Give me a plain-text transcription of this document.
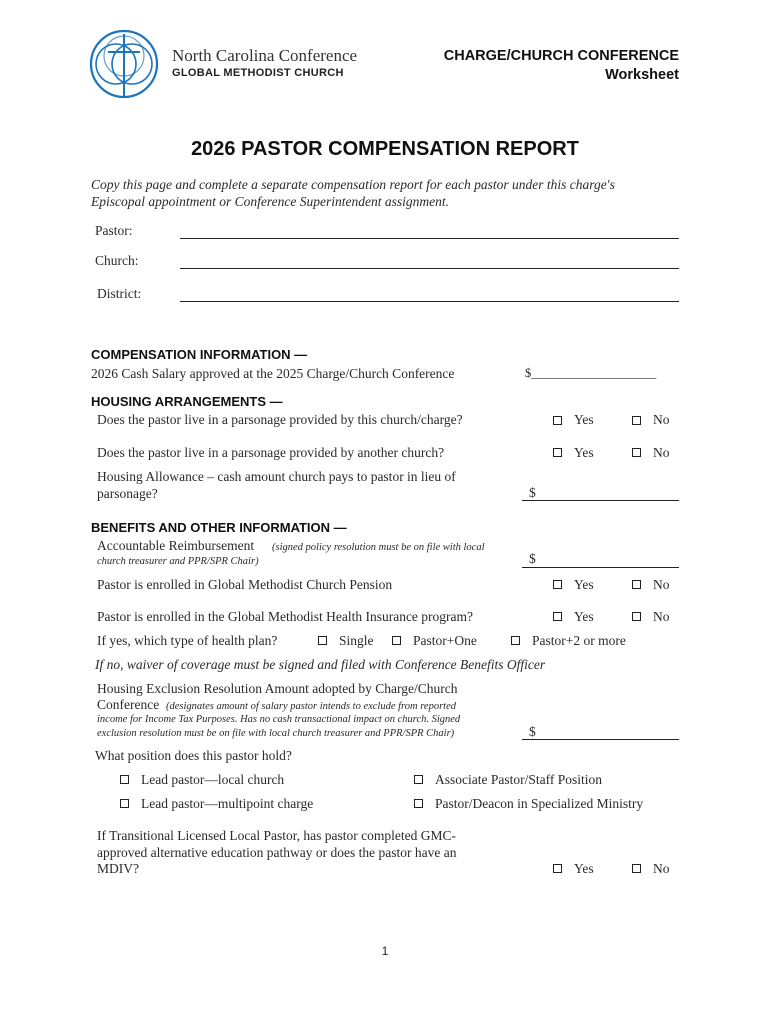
North Carolina Conference
GLOBAL METHODIST CHURCH
CHARGE/CHURCH CONFERENCE
Worksheet
2026 PASTOR COMPENSATION REPORT
Copy this page and complete a separate compensation report for each pastor under this charge's
Episcopal appointment or Conference Superintendent assignment.
Pastor:
Church:
District:
COMPENSATION INFORMATION —
2026 Cash Salary approved at the 2025 Charge/Church Conference	$____________________
HOUSING ARRANGEMENTS —
Does the pastor live in a parsonage provided by this church/charge?	Yes	No
Does the pastor live in a parsonage provided by another church?	Yes	No
Housing Allowance – cash amount church pays to pastor in lieu of
parsonage?	$
BENEFITS AND OTHER INFORMATION —
Accountable Reimbursement (signed policy resolution must be on file with local
church treasurer and PPR/SPR Chair)	$
Pastor is enrolled in Global Methodist Church Pension	Yes	No
Pastor is enrolled in the Global Methodist Health Insurance program?	Yes	No
If yes, which type of health plan?	Single	Pastor+One	Pastor+2 or more
If no, waiver of coverage must be signed and filed with Conference Benefits Officer
Housing Exclusion Resolution Amount adopted by Charge/Church
Conference (designates amount of salary pastor intends to exclude from reported
income for Income Tax Purposes. Has no cash transactional impact on church. Signed
exclusion resolution must be on file with local church treasurer and PPR/SPR Chair)	$
What position does this pastor hold?
Lead pastor—local church	Associate Pastor/Staff Position
Lead pastor—multipoint charge	Pastor/Deacon in Specialized Ministry
If Transitional Licensed Local Pastor, has pastor completed GMC-
approved alternative education pathway or does the pastor have an
MDIV?	Yes	No
1
